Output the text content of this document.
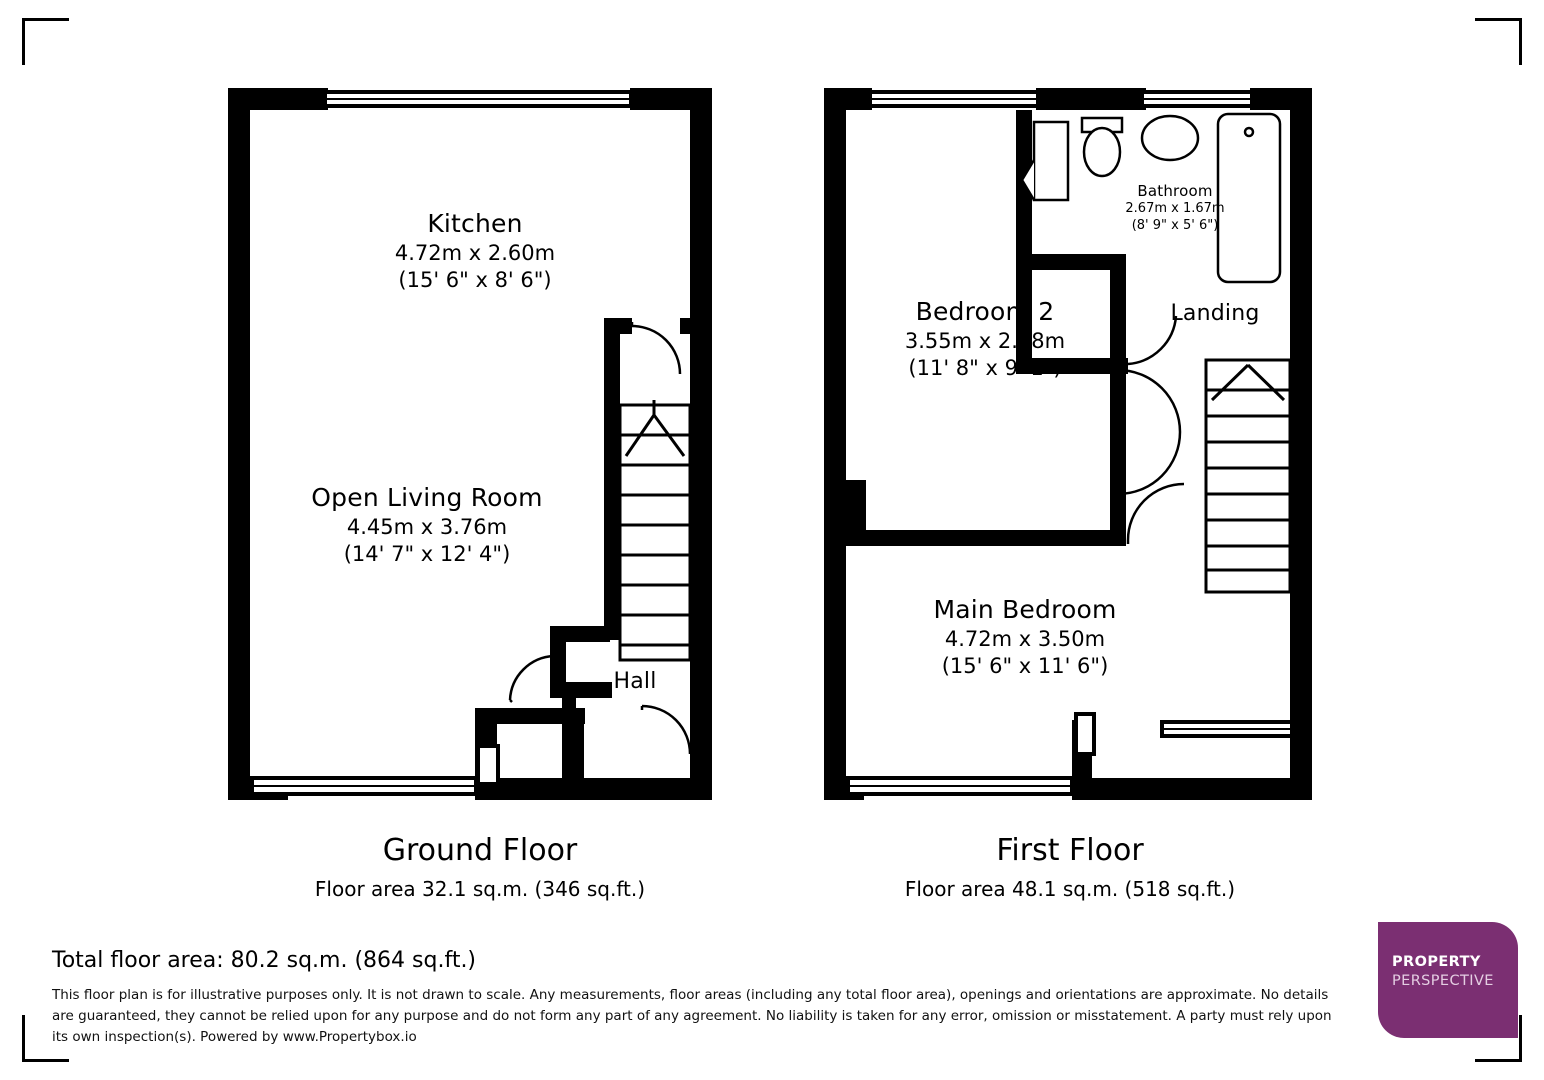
Kitchen
4.72m x 2.60m
(15' 6" x 8' 6")
Open Living Room
4.45m x 3.76m
(14' 7" x 12' 4")
Hall
Bathroom
2.67m x 1.67m
(8' 9" x 5' 6")
Bedroom 2
3.55m x 2.78m
(11' 8" x 9' 1")
Landing
Main Bedroom
4.72m x 3.50m
(15' 6" x 11' 6")
Ground Floor
Floor area 32.1 sq.m. (346 sq.ft.)
First Floor
Floor area 48.1 sq.m. (518 sq.ft.)
Total floor area: 80.2 sq.m. (864 sq.ft.)
This floor plan is for illustrative purposes only. It is not drawn to scale. Any measurements, floor areas (including any total floor area), openings and orientations are approximate. No details are guaranteed, they cannot be relied upon for any purpose and do not form any part of any agreement. No liability is taken for any error, omission or misstatement. A party must rely upon its own inspection(s). Powered by www.Propertybox.io
PROPERTY
PERSPECTIVE
